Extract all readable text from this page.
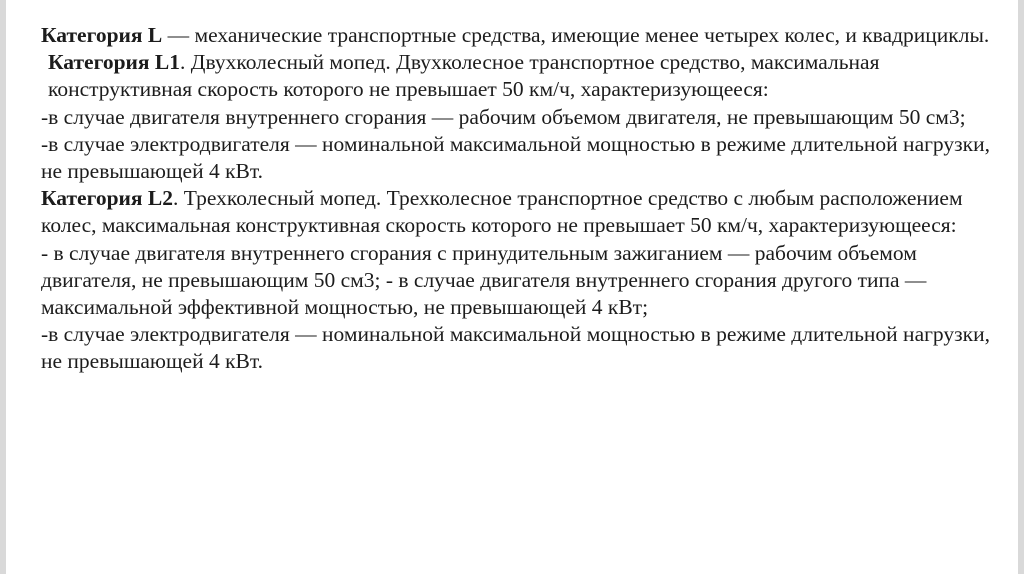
Категория L — механические транспортные средства, имеющие менее четырех колес, и квадрициклы.

Категория L1. Двухколесный мопед. Двухколесное транспортное средство, максимальная конструктивная скорость которого не превышает 50 км/ч, характеризующееся:

-в случае двигателя внутреннего сгорания — рабочим объемом двигателя, не превышающим 50 см3;

-в случае электродвигателя — номинальной максимальной мощностью в режиме длительной нагрузки, не превышающей 4 кВт.

Категория L2. Трехколесный мопед. Трехколесное транспортное средство с любым расположением колес, максимальная конструктивная скорость которого не превышает 50 км/ч, характеризующееся:

- в случае двигателя внутреннего сгорания с принудительным зажиганием — рабочим объемом двигателя, не превышающим 50 см3; - в случае двигателя внутреннего сгорания другого типа — максимальной эффективной мощностью, не превышающей 4 кВт;

-в случае электродвигателя — номинальной максимальной мощностью в режиме длительной нагрузки, не превышающей 4 кВт.
